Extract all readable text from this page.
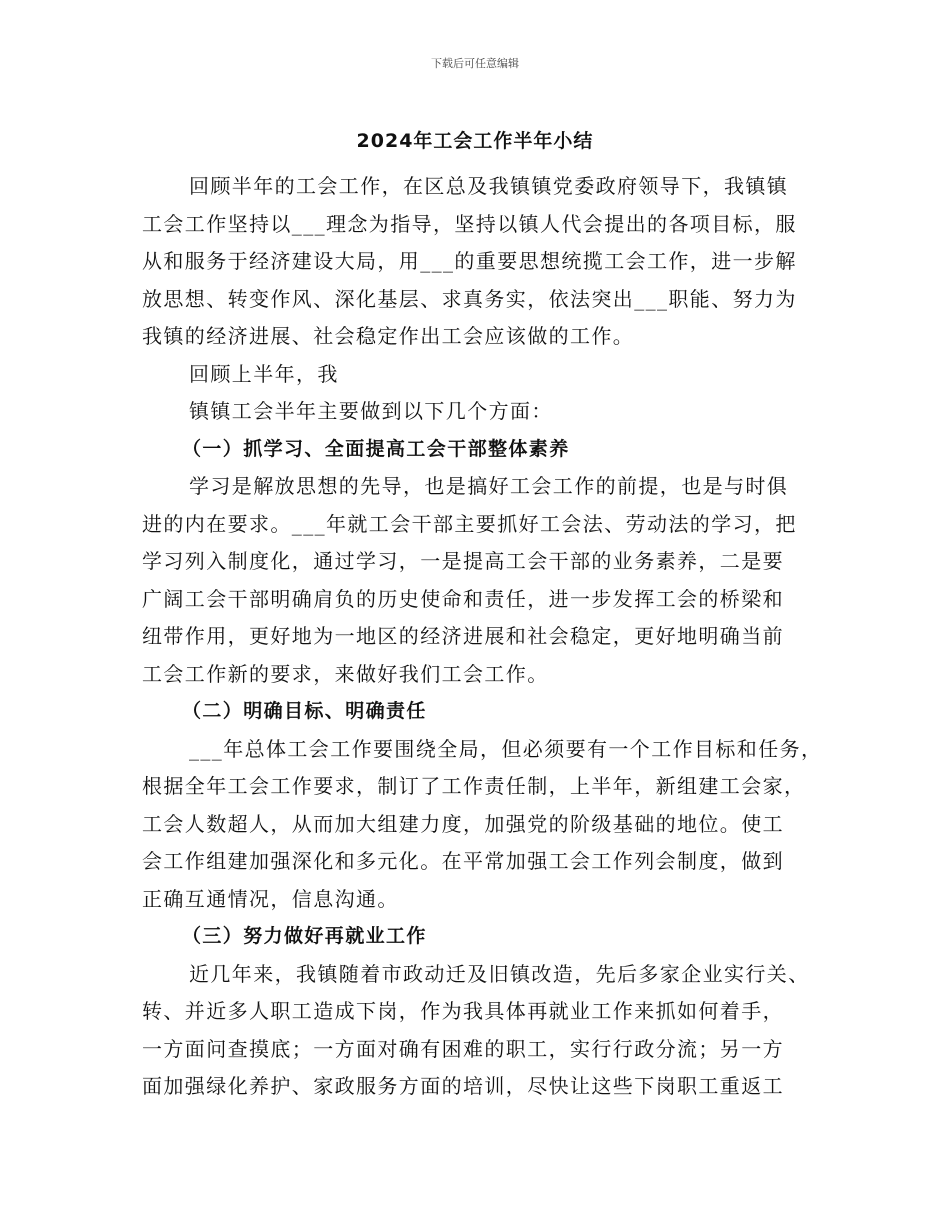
下载后可任意编辑
2024年工会工作半年小结
回顾半年的工会工作，在区总及我镇镇党委政府领导下，我镇镇
工会工作坚持以___理念为指导，坚持以镇人代会提出的各项目标，服
从和服务于经济建设大局，用___的重要思想统揽工会工作，进一步解
放思想、转变作风、深化基层、求真务实，依法突出___职能、努力为
我镇的经济进展、社会稳定作出工会应该做的工作。
回顾上半年，我
镇镇工会半年主要做到以下几个方面：
（一）抓学习、全面提高工会干部整体素养
学习是解放思想的先导，也是搞好工会工作的前提，也是与时俱
进的内在要求。___年就工会干部主要抓好工会法、劳动法的学习，把
学习列入制度化，通过学习，一是提高工会干部的业务素养，二是要
广阔工会干部明确肩负的历史使命和责任，进一步发挥工会的桥梁和
纽带作用，更好地为一地区的经济进展和社会稳定，更好地明确当前
工会工作新的要求，来做好我们工会工作。
（二）明确目标、明确责任
___年总体工会工作要围绕全局，但必须要有一个工作目标和任务，
根据全年工会工作要求，制订了工作责任制，上半年，新组建工会家，
工会人数超人，从而加大组建力度，加强党的阶级基础的地位。使工
会工作组建加强深化和多元化。在平常加强工会工作列会制度，做到
正确互通情况，信息沟通。
（三）努力做好再就业工作
近几年来，我镇随着市政动迁及旧镇改造，先后多家企业实行关、
转、并近多人职工造成下岗，作为我具体再就业工作来抓如何着手，
一方面问查摸底；一方面对确有困难的职工，实行行政分流；另一方
面加强绿化养护、家政服务方面的培训，尽快让这些下岗职工重返工
